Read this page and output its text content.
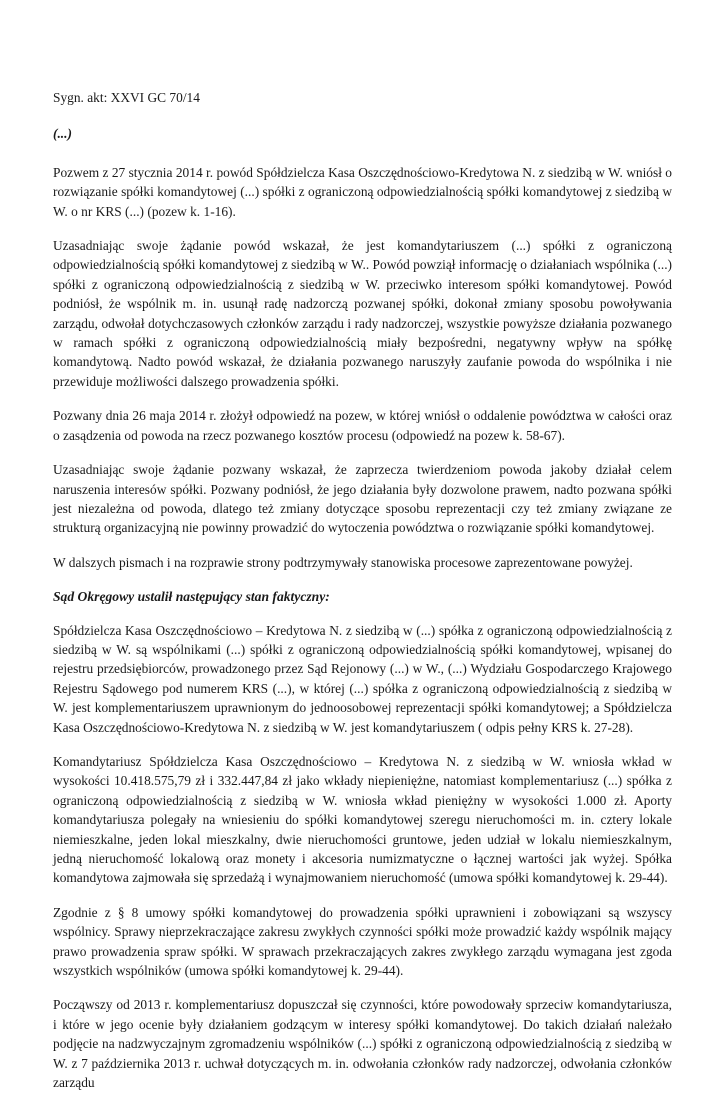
Sygn. akt: XXVI GC 70/14
(...)

Pozwem z 27 stycznia 2014 r. powód Spółdzielcza Kasa Oszczędnościowo-Kredytowa N. z siedzibą w W. wniósł o rozwiązanie spółki komandytowej (...) spółki z ograniczoną odpowiedzialnością spółki komandytowej z siedzibą w W. o nr KRS (...) (pozew k. 1-16).

Uzasadniając swoje żądanie powód wskazał, że jest komandytariuszem (...) spółki z ograniczoną odpowiedzialnością spółki komandytowej z siedzibą w W.. Powód powziął informację o działaniach wspólnika (...) spółki z ograniczoną odpowiedzialnością z siedzibą w W. przeciwko interesom spółki komandytowej. Powód podniósł, że wspólnik m. in. usunął radę nadzorczą pozwanej spółki, dokonał zmiany sposobu powoływania zarządu, odwołał dotychczasowych członków zarządu i rady nadzorczej, wszystkie powyższe działania pozwanego w ramach spółki z ograniczoną odpowiedzialnością miały bezpośredni, negatywny wpływ na spółkę komandytową. Nadto powód wskazał, że działania pozwanego naruszyły zaufanie powoda do wspólnika i nie przewiduje możliwości dalszego prowadzenia spółki.

Pozwany dnia 26 maja 2014 r. złożył odpowiedź na pozew, w której wniósł o oddalenie powództwa w całości oraz o zasądzenia od powoda na rzecz pozwanego kosztów procesu (odpowiedź na pozew k. 58-67).

Uzasadniając swoje żądanie pozwany wskazał, że zaprzecza twierdzeniom powoda jakoby działał celem naruszenia interesów spółki. Pozwany podniósł, że jego działania były dozwolone prawem, nadto pozwana spółki jest niezależna od powoda, dlatego też zmiany dotyczące sposobu reprezentacji czy też zmiany związane ze strukturą organizacyjną nie powinny prowadzić do wytoczenia powództwa o rozwiązanie spółki komandytowej.

W dalszych pismach i na rozprawie strony podtrzymywały stanowiska procesowe zaprezentowane powyżej.

Sąd Okręgowy ustalił następujący stan faktyczny:

Spółdzielcza Kasa Oszczędnościowo – Kredytowa N. z siedzibą w (...) spółka z ograniczoną odpowiedzialnością z siedzibą w W. są wspólnikami (...) spółki z ograniczoną odpowiedzialnością spółki komandytowej, wpisanej do rejestru przedsiębiorców, prowadzonego przez Sąd Rejonowy (...) w W., (...) Wydziału Gospodarczego Krajowego Rejestru Sądowego pod numerem KRS (...), w której (...) spółka z ograniczoną odpowiedzialnością z siedzibą w W. jest komplementariuszem uprawnionym do jednoosobowej reprezentacji spółki komandytowej; a Spółdzielcza Kasa Oszczędnościowo-Kredytowa N. z siedzibą w W. jest komandytariuszem ( odpis pełny KRS k. 27-28).

Komandytariusz Spółdzielcza Kasa Oszczędnościowo – Kredytowa N. z siedzibą w W. wniosła wkład w wysokości 10.418.575,79 zł i 332.447,84 zł jako wkłady niepieniężne, natomiast komplementariusz (...) spółka z ograniczoną odpowiedzialnością z siedzibą w W. wniosła wkład pieniężny w wysokości 1.000 zł. Aporty komandytariusza polegały na wniesieniu do spółki komandytowej szeregu nieruchomości m. in. cztery lokale niemieszkalne, jeden lokal mieszkalny, dwie nieruchomości gruntowe, jeden udział w lokalu niemieszkalnym, jedną nieruchomość lokalową oraz monety i akcesoria numizmatyczne o łącznej wartości jak wyżej. Spółka komandytowa zajmowała się sprzedażą i wynajmowaniem nieruchomość (umowa spółki komandytowej k. 29-44).

Zgodnie z § 8 umowy spółki komandytowej do prowadzenia spółki uprawnieni i zobowiązani są wszyscy wspólnicy. Sprawy nieprzekraczające zakresu zwykłych czynności spółki może prowadzić każdy wspólnik mający prawo prowadzenia spraw spółki. W sprawach przekraczających zakres zwykłego zarządu wymagana jest zgoda wszystkich wspólników (umowa spółki komandytowej k. 29-44).

Począwszy od 2013 r. komplementariusz dopuszczał się czynności, które powodowały sprzeciw komandytariusza, i które w jego ocenie były działaniem godzącym w interesy spółki komandytowej. Do takich działań należało podjęcie na nadzwyczajnym zgromadzeniu wspólników (...) spółki z ograniczoną odpowiedzialnością z siedzibą w W. z 7 października 2013 r. uchwał dotyczących m. in. odwołania członków rady nadzorczej, odwołania członków zarządu
